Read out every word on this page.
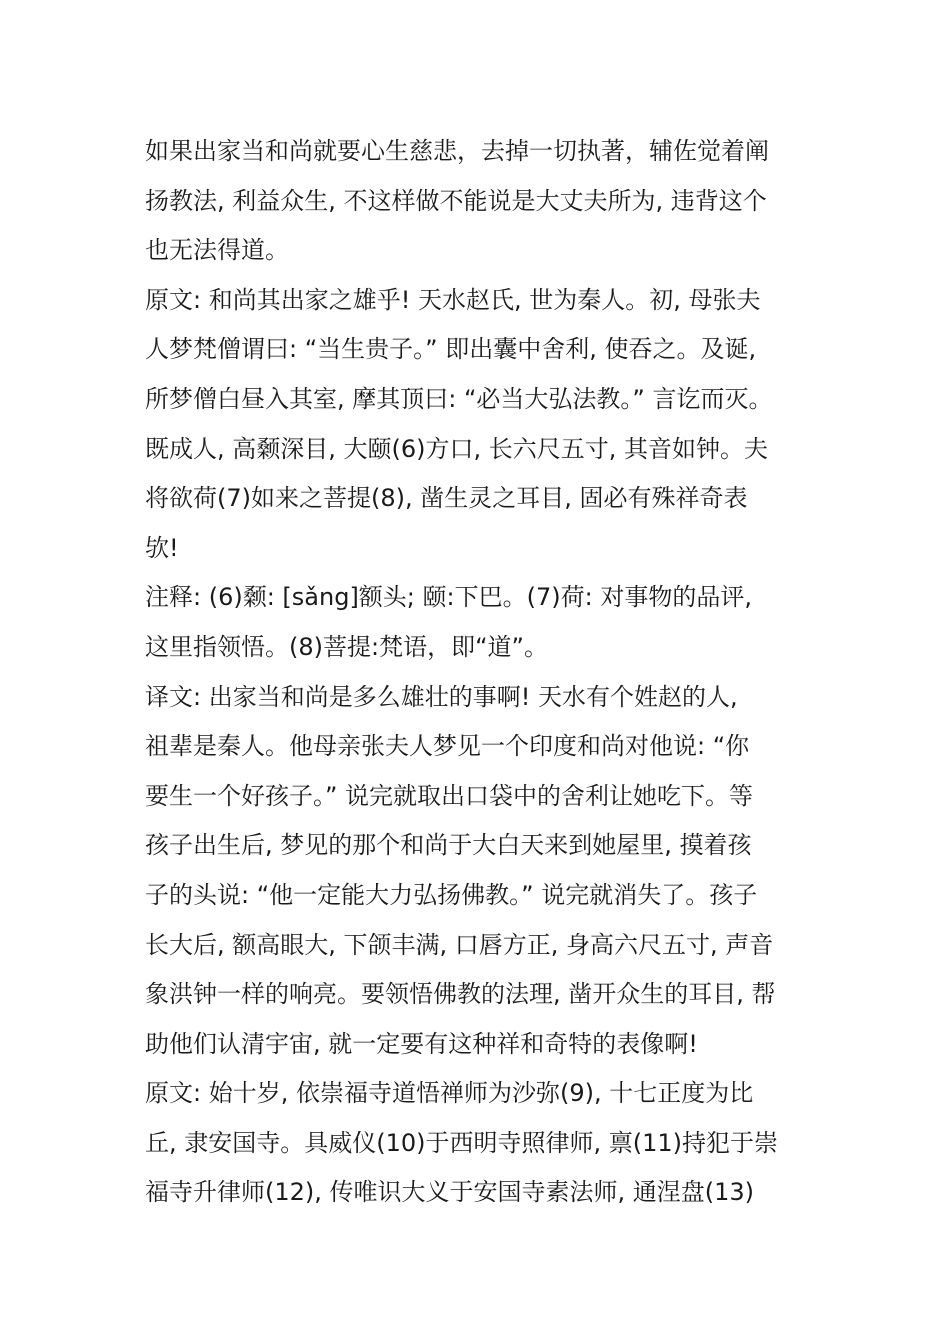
如果出家当和尚就要心生慈悲，去掉一切执著，辅佐觉着阐
扬教法, 利益众生, 不这样做不能说是大丈夫所为, 违背这个
也无法得道。
原文: 和尚其出家之雄乎! 天水赵氏, 世为秦人。初, 母张夫
人梦梵僧谓曰: “当生贵子。” 即出囊中舍利, 使吞之。及诞,
所梦僧白昼入其室, 摩其顶曰: “必当大弘法教。” 言讫而灭。
既成人, 高颡深目, 大颐(6)方口, 长六尺五寸, 其音如钟。夫
将欲荷(7)如来之菩提(8), 凿生灵之耳目, 固必有殊祥奇表
欤!
注释: (6)颡: [sǎng]额头; 颐:下巴。(7)荷: 对事物的品评,
这里指领悟。(8)菩提:梵语，即“道”。
译文: 出家当和尚是多么雄壮的事啊! 天水有个姓赵的人,
祖辈是秦人。他母亲张夫人梦见一个印度和尚对他说: “你
要生一个好孩子。” 说完就取出口袋中的舍利让她吃下。等
孩子出生后, 梦见的那个和尚于大白天来到她屋里, 摸着孩
子的头说: “他一定能大力弘扬佛教。” 说完就消失了。孩子
长大后, 额高眼大, 下颌丰满, 口唇方正, 身高六尺五寸, 声音
象洪钟一样的响亮。要领悟佛教的法理, 凿开众生的耳目, 帮
助他们认清宇宙, 就一定要有这种祥和奇特的表像啊!
原文: 始十岁, 依崇福寺道悟禅师为沙弥(9), 十七正度为比
丘, 隶安国寺。具威仪(10)于西明寺照律师, 禀(11)持犯于崇
福寺升律师(12), 传唯识大义于安国寺素法师, 通涅盘(13)
